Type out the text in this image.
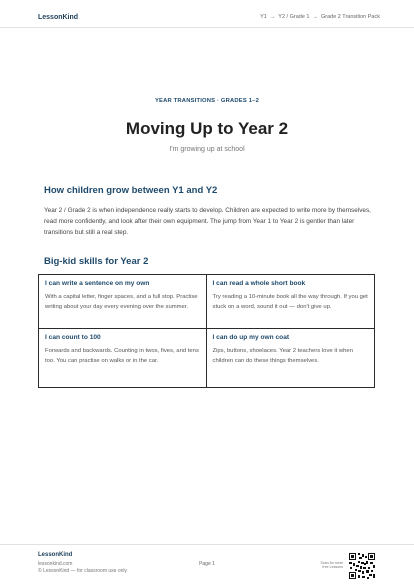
LessonKind	Y1 → Y2 / Grade 1 → Grade 2 Transition Pack
YEAR TRANSITIONS · GRADES 1–2
Moving Up to Year 2
I'm growing up at school
How children grow between Y1 and Y2

Year 2 / Grade 2 is when independence really starts to develop. Children are expected to write more by themselves, read more confidently, and look after their own equipment. The jump from Year 1 to Year 2 is gentler than later transitions but still a real step.

Big-kid skills for Year 2
I can write a sentence on my own
With a capital letter, finger spaces, and a full stop. Practise writing about your day every evening over the summer.
I can read a whole short book
Try reading a 10-minute book all the way through. If you get stuck on a word, sound it out — don't give up.
I can count to 100
Forwards and backwards. Counting in twos, fives, and tens too. You can practise on walks or in the car.
I can do up my own coat
Zips, buttons, shoelaces. Year 2 teachers love it when children can do these things themselves.
LessonKind
lessonkind.com
© LessonKind — for classroom use only
Page 1	Scan for more free Lessons
